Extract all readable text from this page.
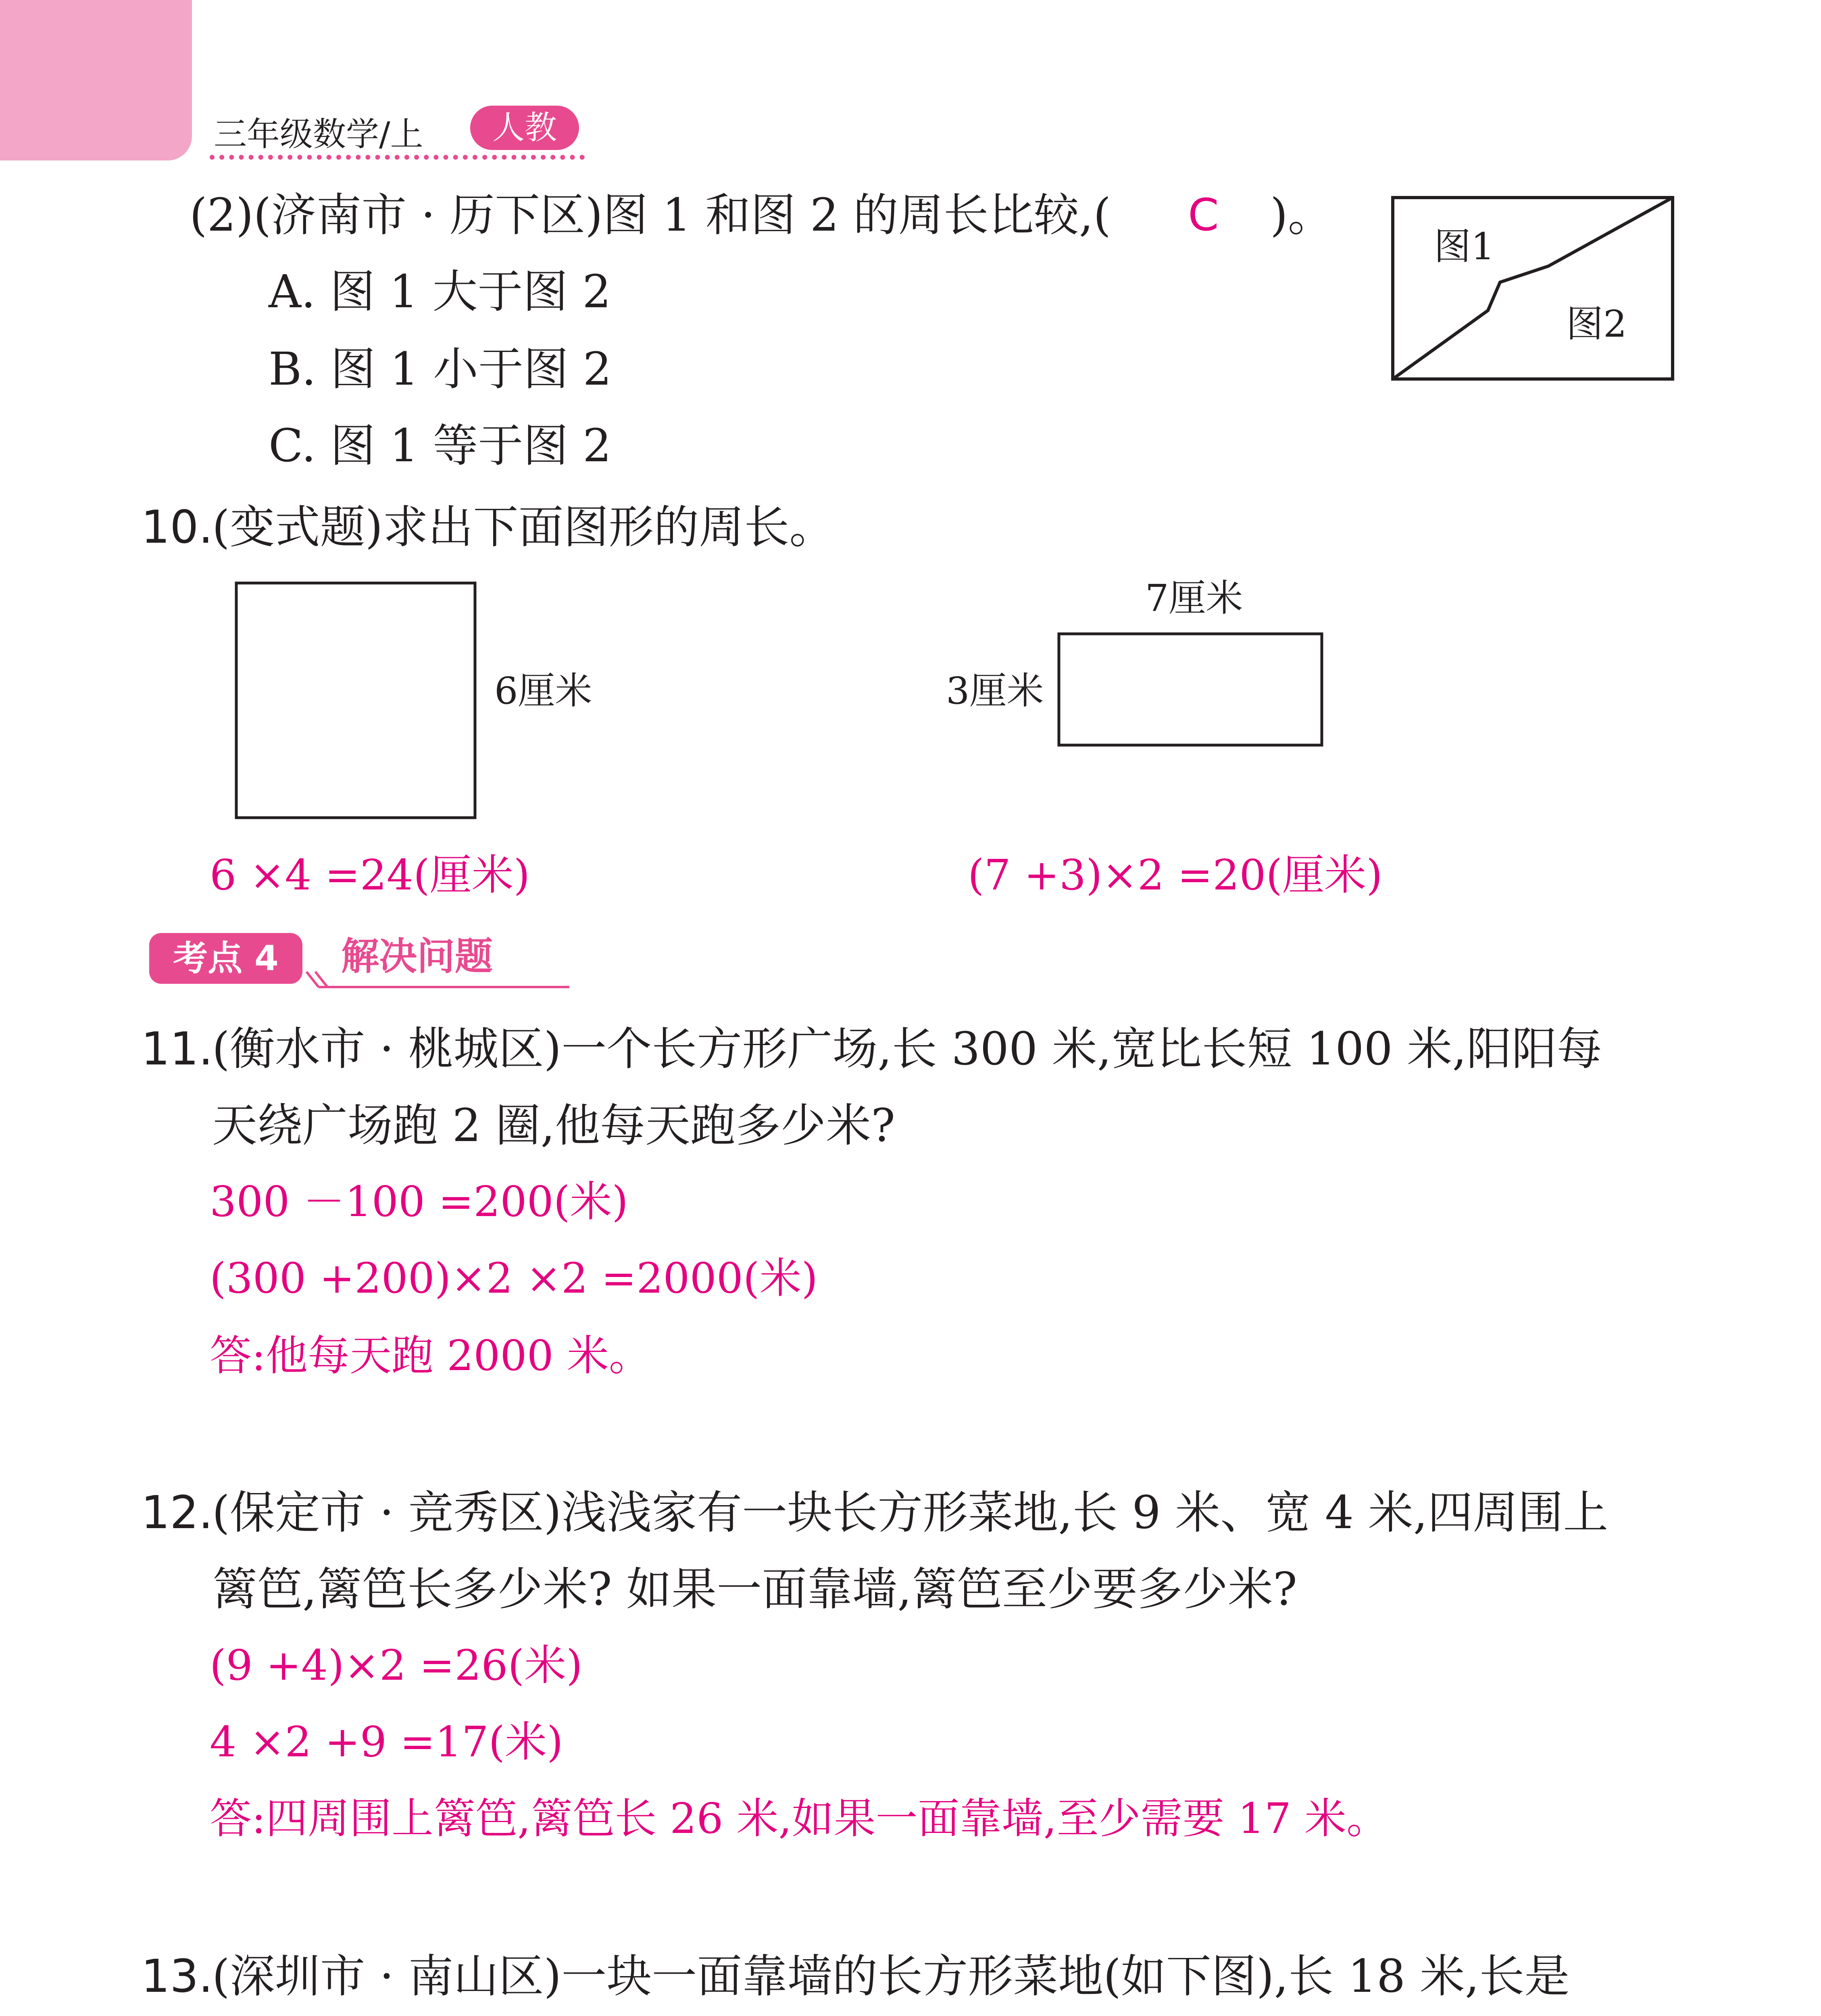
三年级数学/上	人教
(2)(济南市 · 历下区)图 1 和图 2 的周长比较,( C )。
A. 图 1 大于图 2
B. 图 1 小于图 2
C. 图 1 等于图 2
图1
图2
10.
(变式题)求出下面图形的周长。
6厘米
7厘米
3厘米
6 ×4 =24(厘米)	(7 +3)×2 =20(厘米)
考点 4	解决问题
11.
(衡水市 · 桃城区)一个长方形广场,长 300 米,宽比长短 100 米,阳阳每
天绕广场跑 2 圈,他每天跑多少米?
300 －100 =200(米)
(300 +200)×2 ×2 =2000(米)
答:他每天跑 2000 米。
12.
(保定市 · 竞秀区)浅浅家有一块长方形菜地,长 9 米、宽 4 米,四周围上
篱笆,篱笆长多少米? 如果一面靠墙,篱笆至少要多少米?
(9 +4)×2 =26(米)
4 ×2 +9 =17(米)
答:四周围上篱笆,篱笆长 26 米,如果一面靠墙,至少需要 17 米。
13.
(深圳市 · 南山区)一块一面靠墙的长方形菜地(如下图),长 18 米,长是
